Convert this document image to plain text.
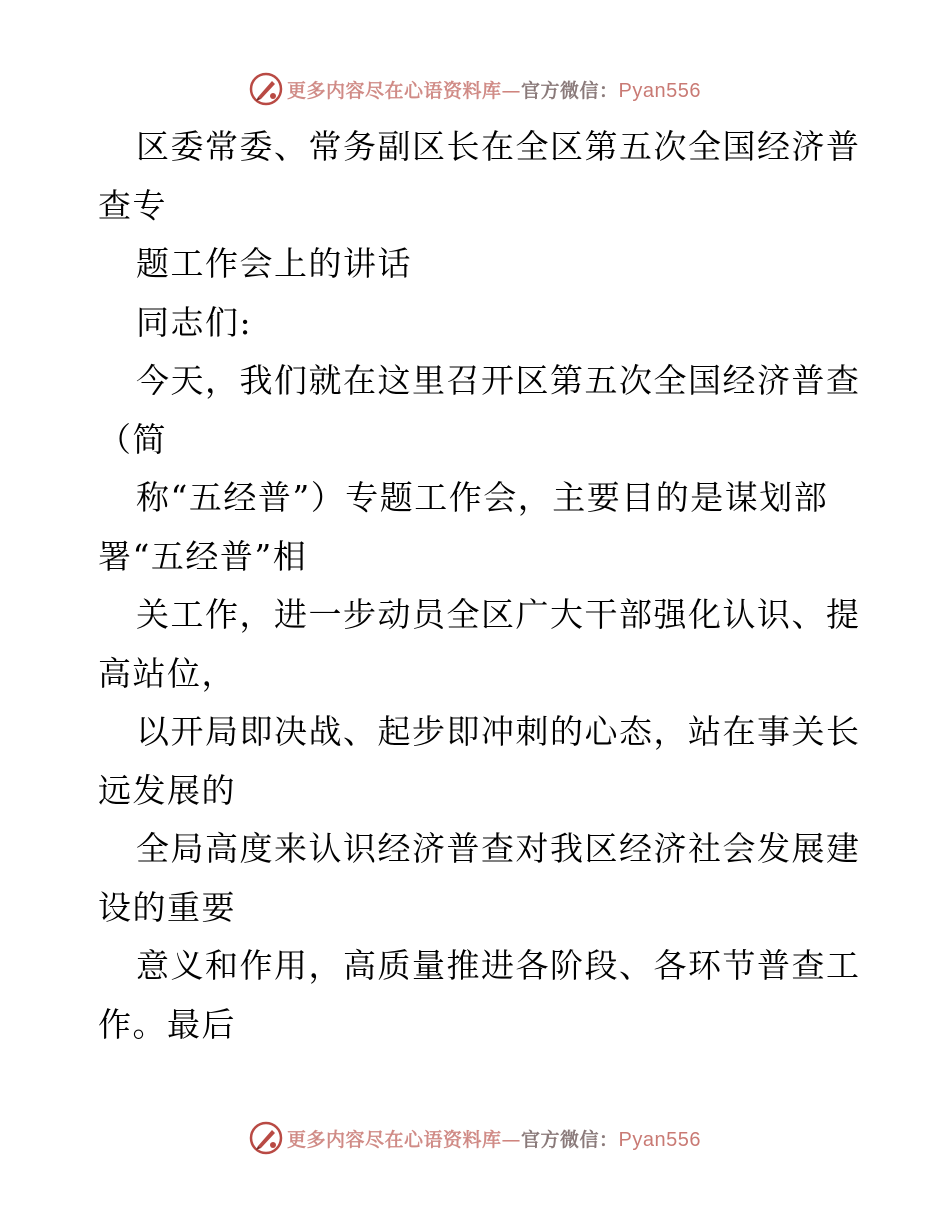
更多内容尽在心语资料库—官方微信：Pyan556
区委常委、常务副区长在全区第五次全国经济普
查专
题工作会上的讲话
同志们:
今天，我们就在这里召开区第五次全国经济普查
（简
称“五经普”）专题工作会，主要目的是谋划部
署“五经普”相
关工作，进一步动员全区广大干部强化认识、提
高站位，
以开局即决战、起步即冲刺的心态，站在事关长
远发展的
全局高度来认识经济普查对我区经济社会发展建
设的重要
意义和作用，高质量推进各阶段、各环节普查工
作。最后
更多内容尽在心语资料库—官方微信：Pyan556
